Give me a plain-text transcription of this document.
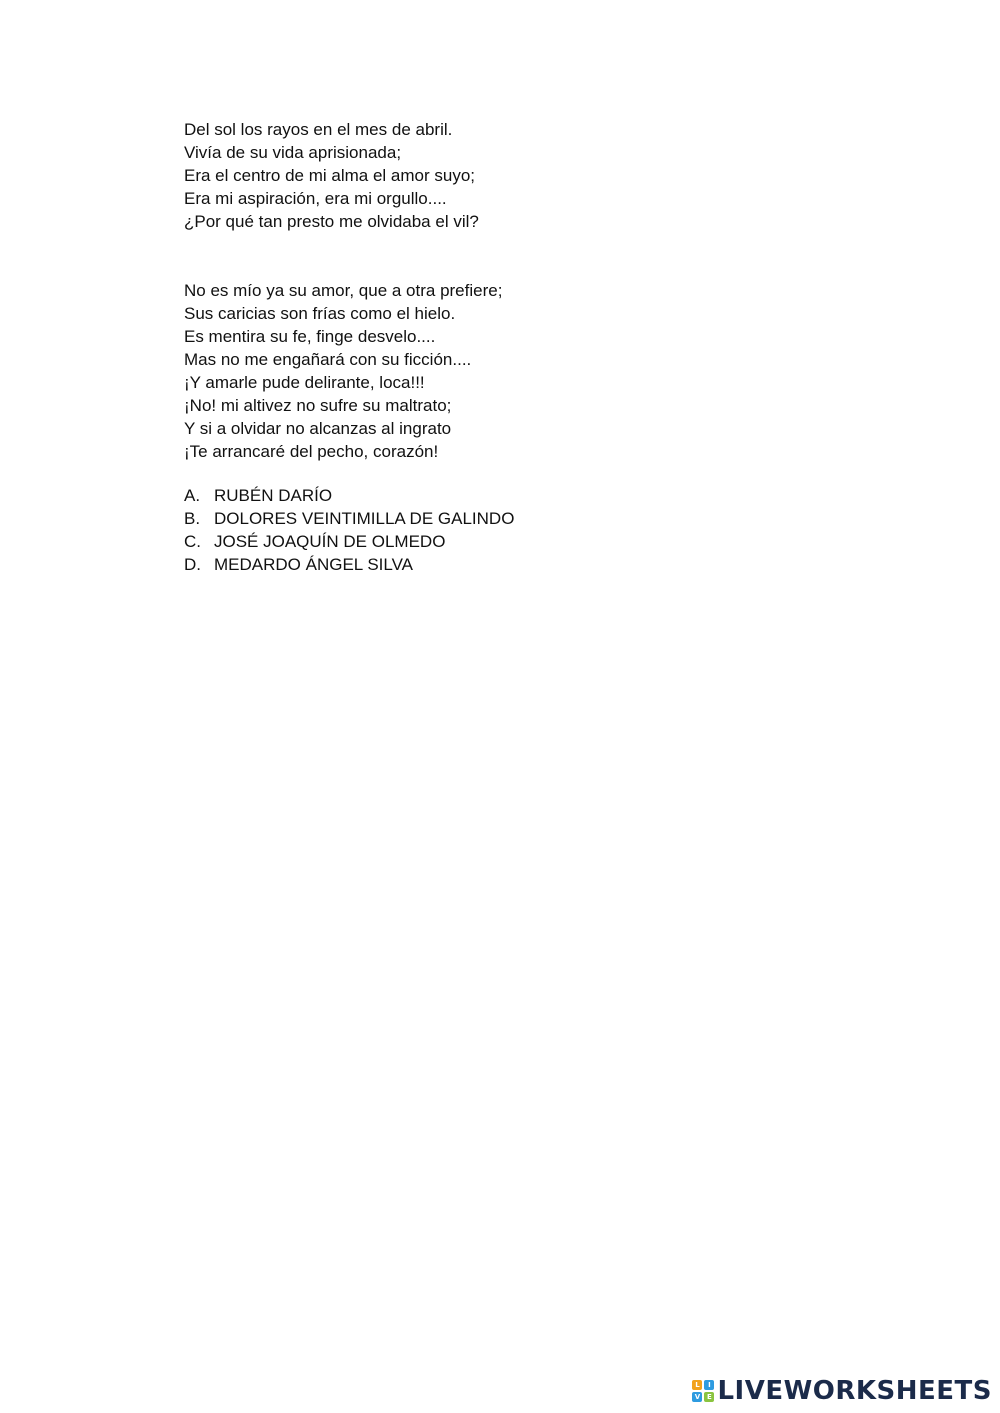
Del sol los rayos en el mes de abril.
Vivía de su vida aprisionada;
Era el centro de mi alma el amor suyo;
Era mi aspiración, era mi orgullo....
¿Por qué tan presto me olvidaba el vil?
No es mío ya su amor, que a otra prefiere;
Sus caricias son frías como el hielo.
Es mentira su fe, finge desvelo....
Mas no me engañará con su ficción....
¡Y amarle pude delirante, loca!!!
¡No! mi altivez no sufre su maltrato;
Y si a olvidar no alcanzas al ingrato
¡Te arrancaré del pecho, corazón!
A. RUBÉN DARÍO
B. DOLORES VEINTIMILLA DE GALINDO
C. JOSÉ JOAQUÍN DE OLMEDO
D. MEDARDO ÁNGEL SILVA
L	I
V E LIVEWORKSHEETS
